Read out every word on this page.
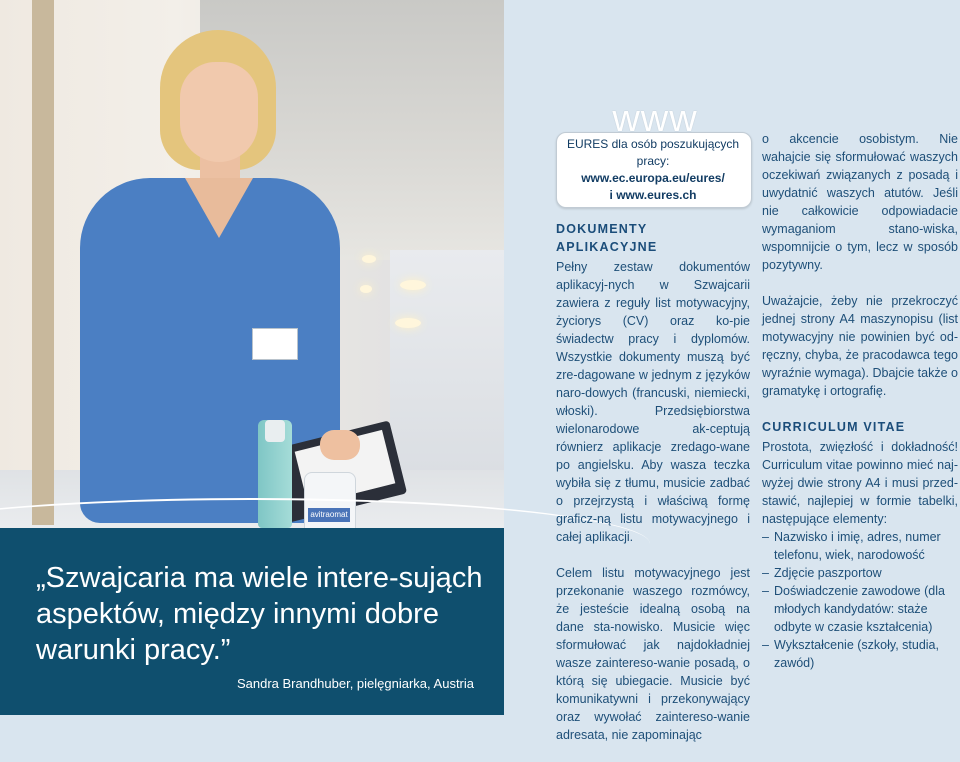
avitraomat

„Szwajcaria ma wiele intere-sująch aspektów, między innymi dobre warunki pracy.”

Sandra Brandhuber, pielęgniarka, Austria
www
EURES dla osób poszukujących
pracy:
www.ec.europa.eu/eures/
i www.eures.ch
DOKUMENTY APLIKACYJNE

Pełny zestaw dokumentów aplikacyj-nych w Szwajcarii zawiera z reguły list motywacyjny, życiorys (CV) oraz ko-pie świadectw pracy i dyplomów. Wszystkie dokumenty muszą być zre-dagowane w jednym z języków naro-dowych (francuski, niemiecki, włoski). Przedsiębiorstwa wielonarodowe ak-ceptują równierz aplikacje zredago-wane po angielsku. Aby wasza teczka wybiła się z tłumu, musicie zadbać o przejrzystą i właściwą formę graficz-ną listu motywacyjnego i całej aplikacji.

Celem listu motywacyjnego jest przekonanie waszego rozmówcy, że jesteście idealną osobą na dane sta-nowisko. Musicie więc sformułować jak najdokładniej wasze zaintereso-wanie posadą, o którą się ubiegacie. Musicie być komunikatywni i przekonywający oraz wywołać zaintereso-wanie adresata, nie zapominając

o akcencie osobistym. Nie wahajcie się sformułować waszych oczekiwań związanych z posadą i uwydatnić waszych atutów. Jeśli nie całkowicie odpowiadacie wymaganiom stano-wiska, wspomnijcie o tym, lecz w sposób pozytywny.

Uważajcie, żeby nie przekroczyć jednej strony A4 maszynopisu (list motywacyjny nie powinien być od-ręczny, chyba, że pracodawca tego wyraźnie wymaga). Dbajcie także o gramatykę i ortografię.

CURRICULUM VITAE
Prostota, zwięzłość i dokładność! Curriculum vitae powinno mieć naj-wyżej dwie strony A4 i musi przed-stawić, najlepiej w formie tabelki, następujące elementy:
– Nazwisko i imię, adres, numer telefonu, wiek, narodowość
– Zdjęcie paszportow
– Doświadczenie zawodowe (dla młodych kandydatów: staże odbyte w czasie kształcenia)
– Wykształcenie (szkoły, studia, zawód)
